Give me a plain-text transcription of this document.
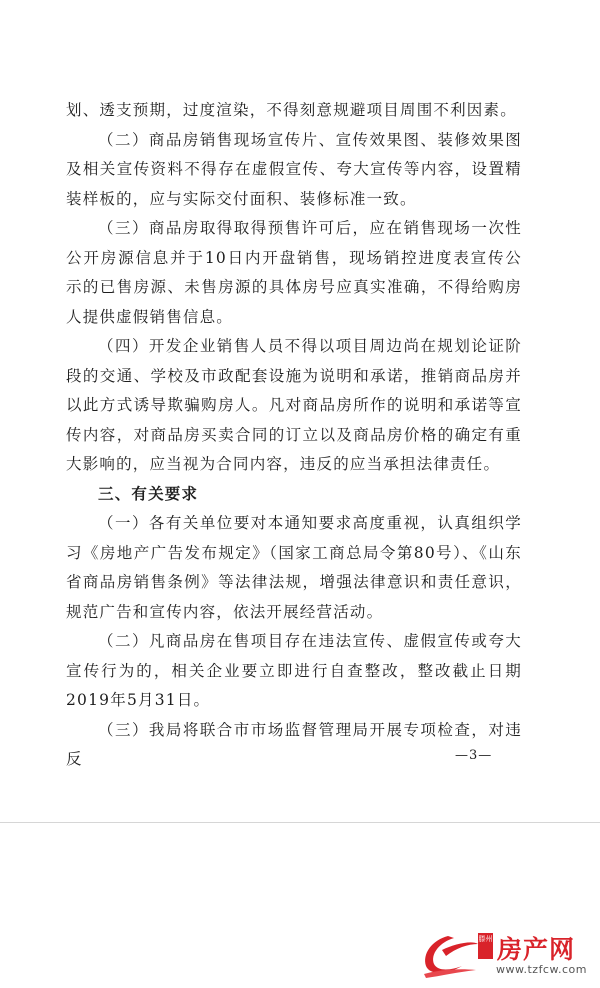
划、透支预期，过度渲染，不得刻意规避项目周围不利因素。

（二）商品房销售现场宣传片、宣传效果图、装修效果图及相关宣传资料不得存在虚假宣传、夸大宣传等内容，设置精装样板的，应与实际交付面积、装修标准一致。

（三）商品房取得取得预售许可后，应在销售现场一次性公开房源信息并于10日内开盘销售，现场销控进度表宣传公示的已售房源、未售房源的具体房号应真实准确，不得给购房人提供虚假销售信息。

（四）开发企业销售人员不得以项目周边尚在规划论证阶段的交通、学校及市政配套设施为说明和承诺，推销商品房并以此方式诱导欺骗购房人。凡对商品房所作的说明和承诺等宣传内容，对商品房买卖合同的订立以及商品房价格的确定有重大影响的，应当视为合同内容，违反的应当承担法律责任。

三、有关要求

（一）各有关单位要对本通知要求高度重视，认真组织学习《房地产广告发布规定》（国家工商总局令第80号）、《山东省商品房销售条例》等法律法规，增强法律意识和责任意识，规范广告和宣传内容，依法开展经营活动。

（二）凡商品房在售项目存在违法宣传、虚假宣传或夸大宣传行为的，相关企业要立即进行自查整改，整改截止日期2019年5月31日。

（三）我局将联合市市场监督管理局开展专项检查，对违反	—3—
滕州 房产网
www.tzfcw.com
